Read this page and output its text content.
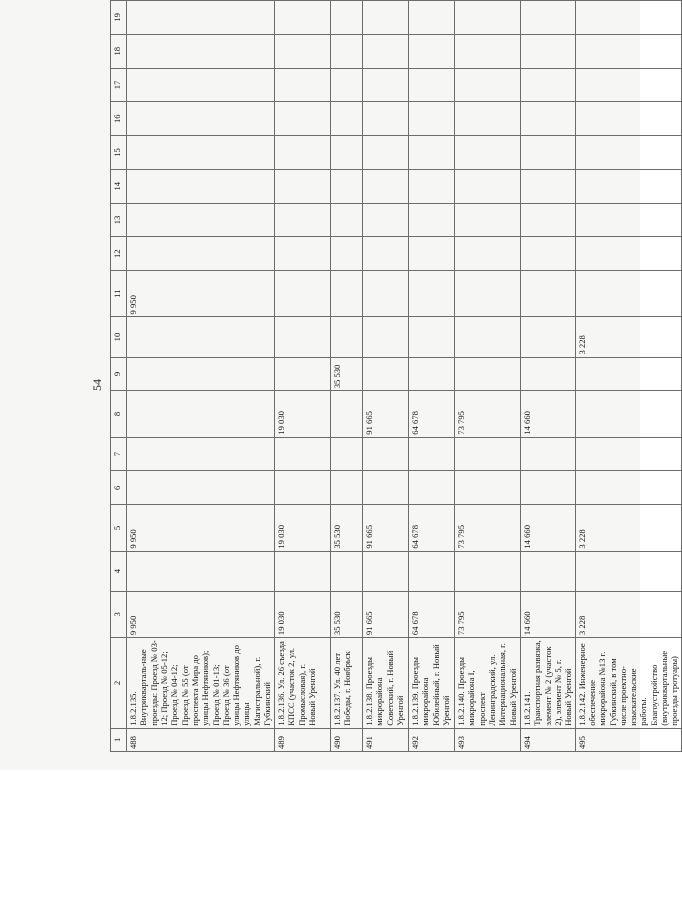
54
1	2	3	4	5	6	7	8	9	10	11	12	13	14	15	16	17	18	19
488	1.8.2.135. Внутрикварталь-ные проезды: Проезд № 03-12; Проезд № 05-12; Проезд № 04-12; Проезд № 55 (от проспекта Мира до улицы Нефтяников); Проезд № 01-13; Проезд № 36 (от улицы Нефтяников до улицы Магистральной), г. Губкинский	9 950		9 950						9 950								
489	1.8.2.136. Ул. 26 съезда КПСС (участок 2, ул. Промысловая), г. Новый Уренгой	19 030		19 030			19 030											
490	1.8.2.137. Ул. 40 лет Победы, г. Ноябрьск	35 530		35 530				35 530										
491	1.8.2.138. Проезды микрорайона Советский, г. Новый Уренгой	91 665		91 665			91 665											
492	1.8.2.139. Проезды микрорайона Юбилейный, г. Новый Уренгой	64 678		64 678			64 678											
493	1.8.2.140. Проезды микрорайона I, проспект Ленинградский, ул. Интернациональная, г. Новый Уренгой	73 795		73 795			73 795											
494	1.8.2.141. Транспортная развязка, элемент № 2 (участок 2), элемент № 5, г. Новый Уренгой	14 660		14 660			14 660											
495	1.8.2.142. Инженерное обеспечение микрорайона №13 г. Губкинский, в том числе проектно-изыскательские работы. Благоустройство (внутриквартальные проезды тротуары)	3 228		3 228					3 228									
